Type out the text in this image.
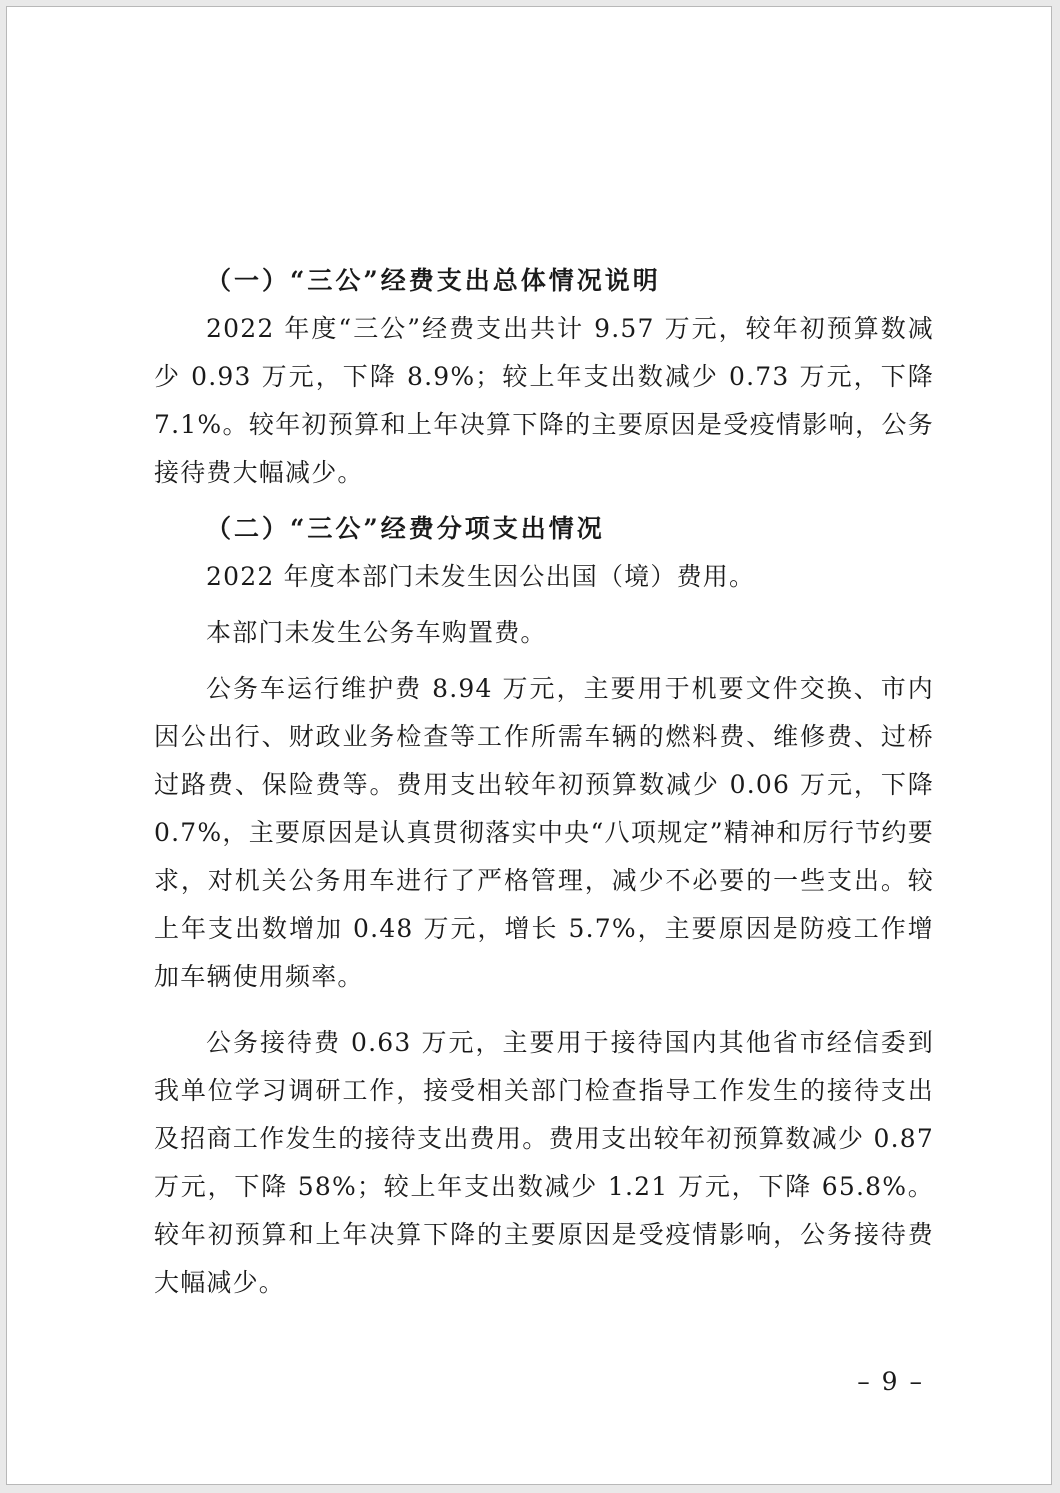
（一）“三公”经费支出总体情况说明

2022 年度“三公”经费支出共计 9.57 万元，较年初预算数减少 0.93 万元，下降 8.9%；较上年支出数减少 0.73 万元，下降 7.1%。较年初预算和上年决算下降的主要原因是受疫情影响，公务接待费大幅减少。

（二）“三公”经费分项支出情况

2022 年度本部门未发生因公出国（境）费用。

本部门未发生公务车购置费。

公务车运行维护费 8.94 万元，主要用于机要文件交换、市内因公出行、财政业务检查等工作所需车辆的燃料费、维修费、过桥过路费、保险费等。费用支出较年初预算数减少 0.06 万元，下降 0.7%，主要原因是认真贯彻落实中央“八项规定”精神和厉行节约要求，对机关公务用车进行了严格管理，减少不必要的一些支出。较上年支出数增加 0.48 万元，增长 5.7%，主要原因是防疫工作增加车辆使用频率。

公务接待费 0.63 万元，主要用于接待国内其他省市经信委到我单位学习调研工作，接受相关部门检查指导工作发生的接待支出及招商工作发生的接待支出费用。费用支出较年初预算数减少 0.87 万元，下降 58%；较上年支出数减少 1.21 万元，下降 65.8%。较年初预算和上年决算下降的主要原因是受疫情影响，公务接待费大幅减少。

– 9 –
